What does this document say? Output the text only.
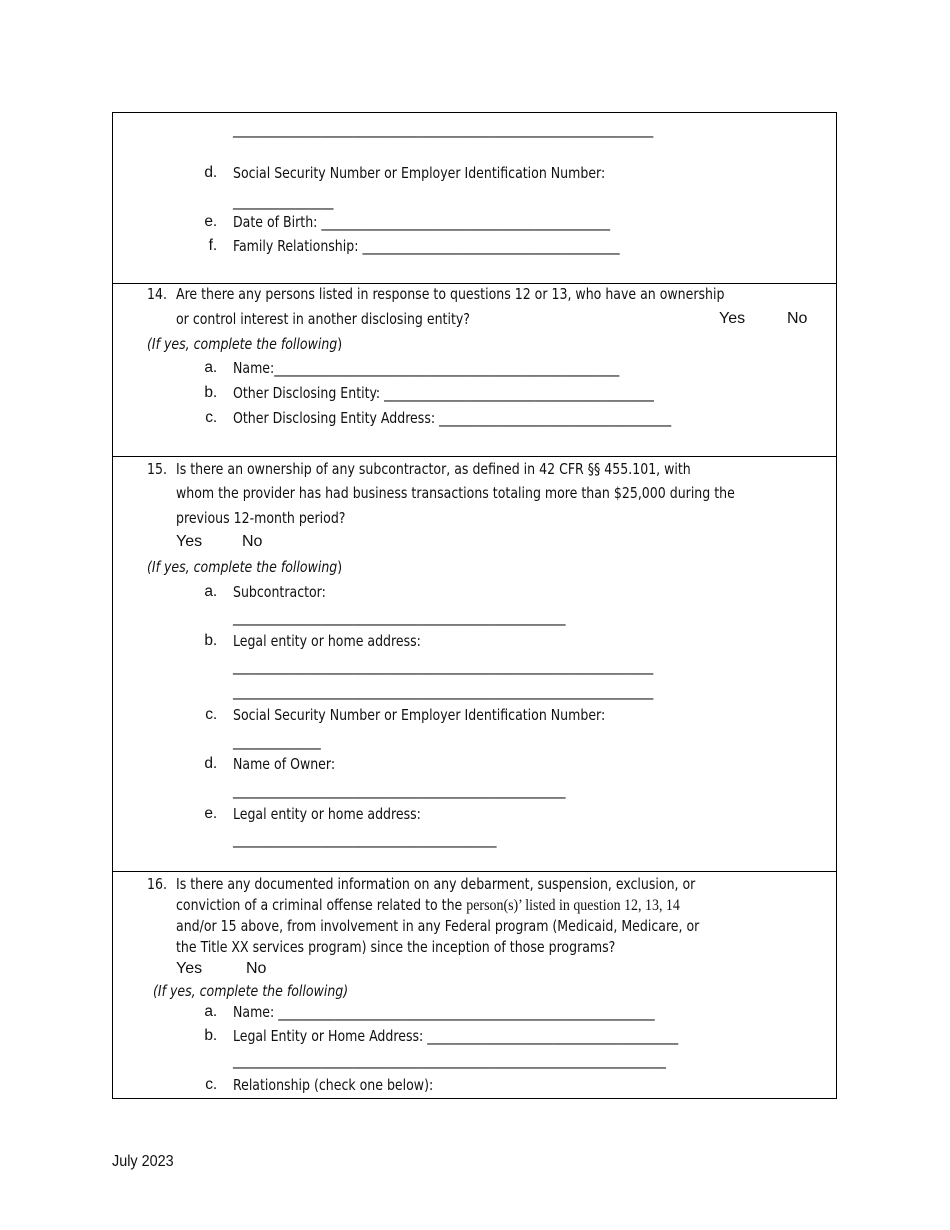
___________________________________________________________________
d. Social Security Number or Employer Identification Number:
________________
e. Date of Birth: ______________________________________________
f. Family Relationship: _________________________________________
14. Are there any persons listed in response to questions 12 or 13, who have an ownership
or control interest in another disclosing entity?	Yes	No
(If yes, complete the following)
a. Name:_______________________________________________________
b. Other Disclosing Entity: ___________________________________________
c. Other Disclosing Entity Address: _____________________________________
15. Is there an ownership of any subcontractor, as defined in 42 CFR §§ 455.101, with
whom the provider has had business transactions totaling more than $25,000 during the
previous 12-month period?
Yes No
(If yes, complete the following)
a. Subcontractor:
_____________________________________________________
b. Legal entity or home address:
___________________________________________________________________
___________________________________________________________________
c. Social Security Number or Employer Identification Number:
______________
d. Name of Owner:
_____________________________________________________
e. Legal entity or home address:
__________________________________________
16. Is there any documented information on any debarment, suspension, exclusion, or
conviction of a criminal offense related to the person(s)’ listed in question 12, 13, 14
and/or 15 above, from involvement in any Federal program (Medicaid, Medicare, or
the Title XX services program) since the inception of those programs?
Yes	No
(If yes, complete the following)
a. Name: ____________________________________________________________
b. Legal Entity or Home Address: ________________________________________
_____________________________________________________________________
c. Relationship (check one below):
July 2023
